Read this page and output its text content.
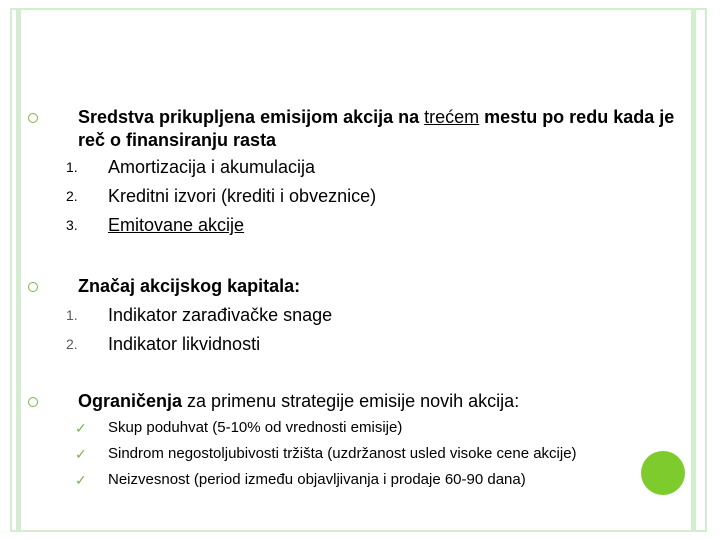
Sredstva prikupljena emisijom akcija na trećem mestu po redu kada je reč o finansiranju rasta
1. Amortizacija i akumulacija
2. Kreditni izvori (krediti i obveznice)
3. Emitovane akcije
Značaj akcijskog kapitala:
1. Indikator zarađivačke snage
2. Indikator likvidnosti
Ograničenja za primenu strategije emisije novih akcija:
✓ Skup poduhvat (5-10% od vrednosti emisije)
✓ Sindrom negostoljubivosti tržišta (uzdržanost usled visoke cene akcije)
✓ Neizvesnost (period između objavljivanja i prodaje 60-90 dana)
